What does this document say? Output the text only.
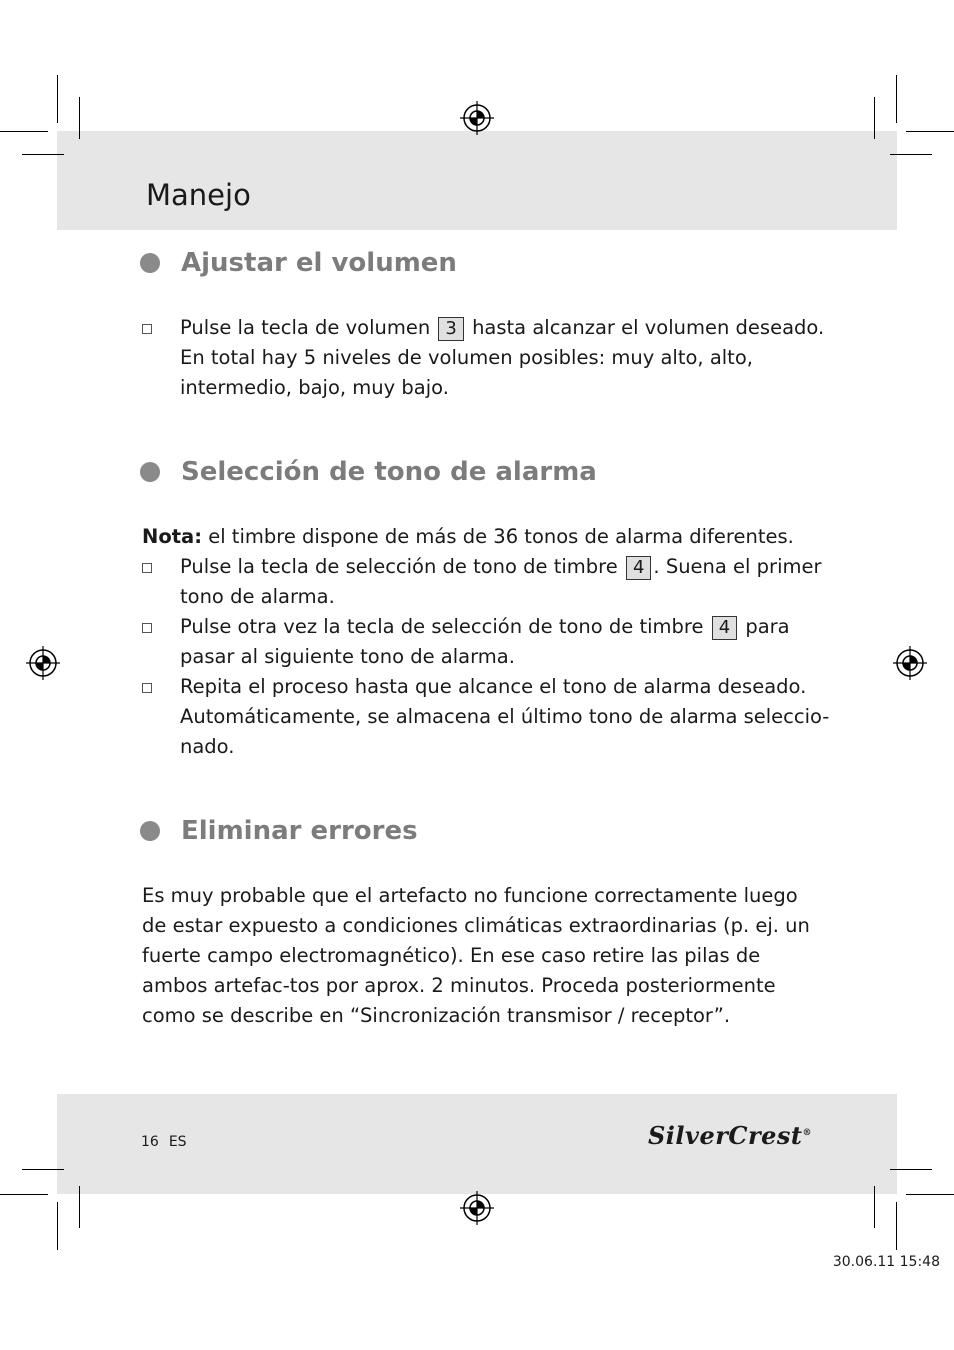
Manejo
Ajustar el volumen
Pulse la tecla de volumen 3 hasta alcanzar el volumen deseado. En total hay 5 niveles de volumen posibles: muy alto, alto, intermedio, bajo, muy bajo.
Selección de tono de alarma

Nota: el timbre dispone de más de 36 tonos de alarma diferentes.

Pulse la tecla de selección de tono de timbre 4 . Suena el primer tono de alarma.
Pulse otra vez la tecla de selección de tono de timbre 4 para pasar al siguiente tono de alarma.
Repita el proceso hasta que alcance el tono de alarma deseado. Automáticamente, se almacena el último tono de alarma seleccio-nado.
Eliminar errores

Es muy probable que el artefacto no funcione correctamente luego de estar expuesto a condiciones climáticas extraordinarias (p. ej. un fuerte campo electromagnético). En ese caso retire las pilas de ambos artefac-tos por aprox. 2 minutos. Proceda posteriormente como se describe en “Sincronización transmisor / receptor”.

16 ES	SilverCrest®
30.06.11 15:48
